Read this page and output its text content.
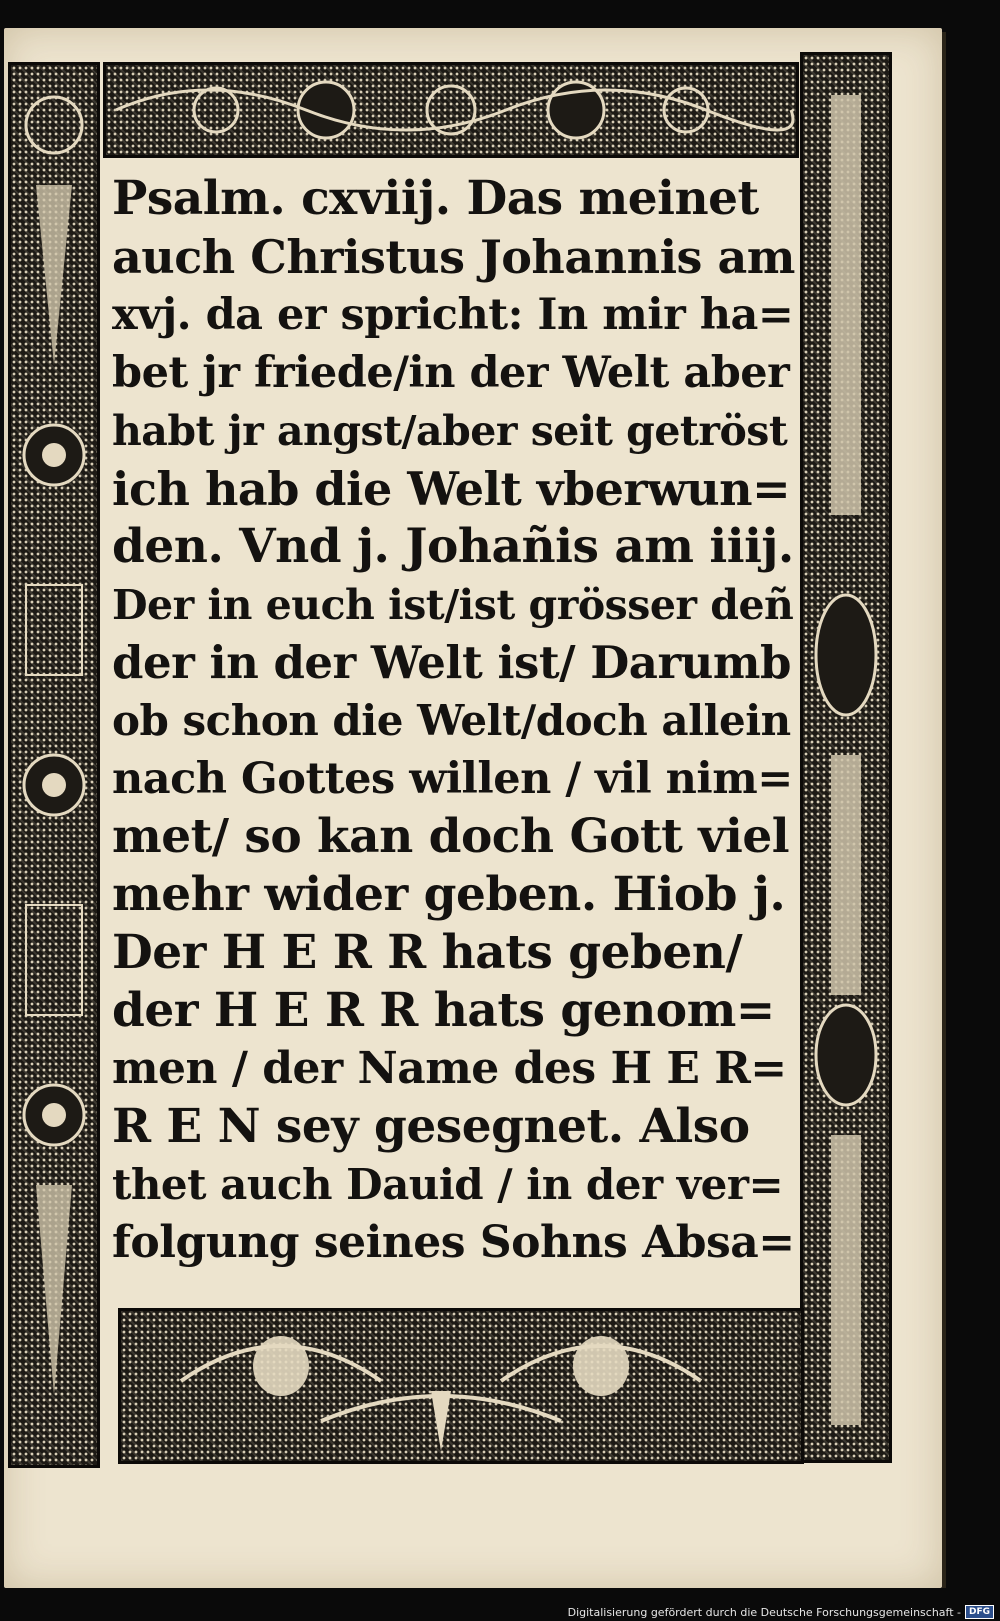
Psalm. cxviij. Das meinet
auch Christus Johannis am
xvj. da er spricht: In mir ha=
bet jr friede/in der Welt aber
habt jr angst/aber seit getröst
ich hab die Welt vberwun=
den. Vnd j. Johañis am iiij.
Der in euch ist/ist grösser deñ
der in der Welt ist/ Darumb
ob schon die Welt/doch allein
nach Gottes willen / vil nim=
met/ so kan doch Gott viel
mehr wider geben. Hiob j.
Der H E R R hats geben/
der H E R R hats genom=
men / der Name des H E R=
R E N sey gesegnet. Also
thet auch Dauid / in der ver=
folgung seines Sohns Absa=
Digitalisierung gefördert durch die Deutsche Forschungsgemeinschaft - DFG
